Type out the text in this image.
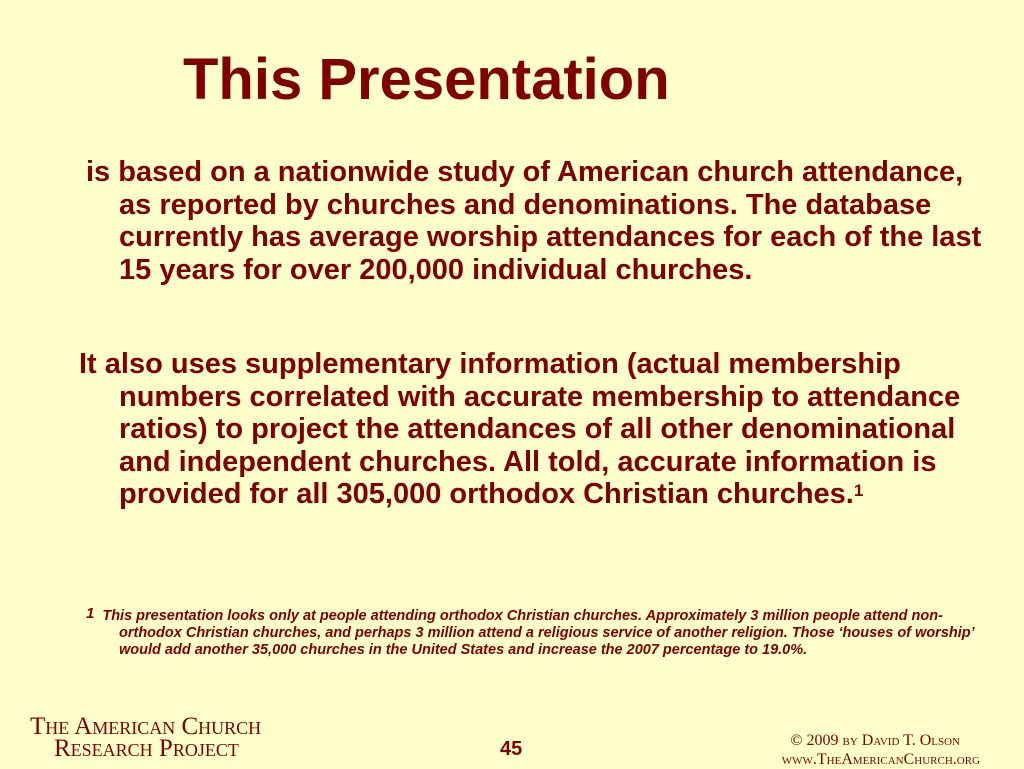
This Presentation

is based on a nationwide study of American church attendance, as reported by churches and denominations. The database currently has average worship attendances for each of the last 15 years for over 200,000 individual churches.

It also uses supplementary information (actual membership numbers correlated with accurate membership to attendance ratios) to project the attendances of all other denominational and independent churches. All told, accurate information is provided for all 305,000 orthodox Christian churches.$^1$

1 This presentation looks only at people attending orthodox Christian churches. Approximately 3 million people attend non-orthodox Christian churches, and perhaps 3 million attend a religious service of another religion. Those ‘houses of worship’ would add another 35,000 churches in the United States and increase the 2007 percentage to 19.0%.

The American Church
Research Project	45	© 2009 by David T. Olson
www.TheAmericanChurch.org
